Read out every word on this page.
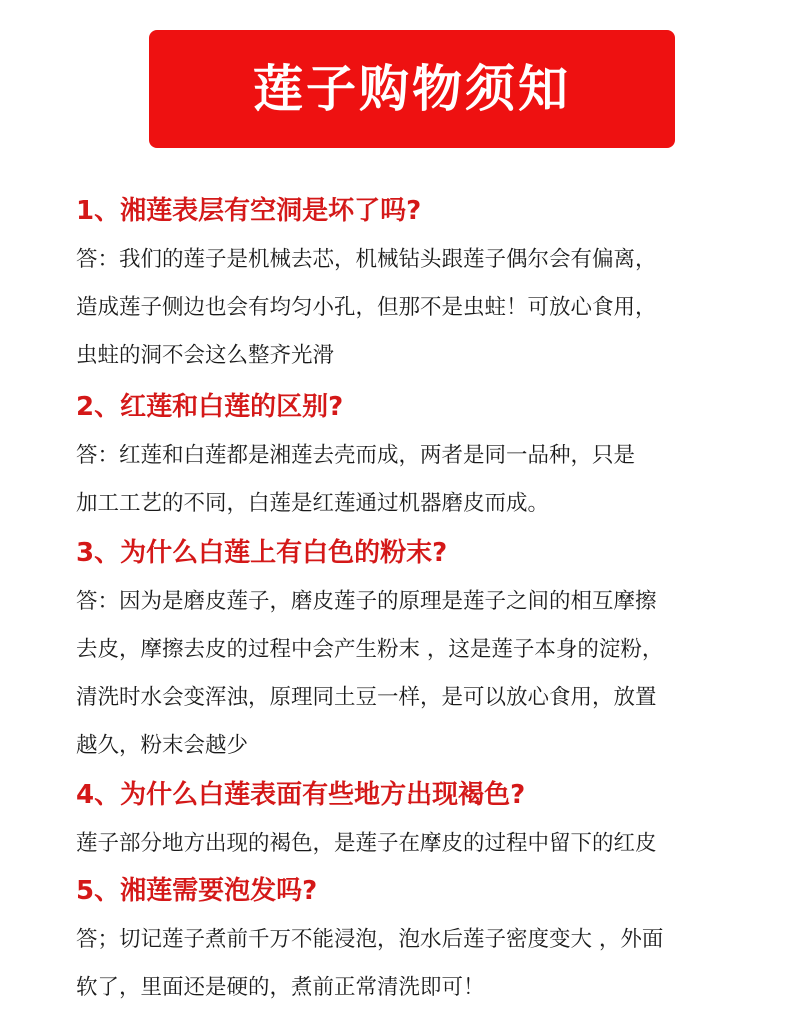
莲子购物须知
1、湘莲表层有空洞是坏了吗?
答：我们的莲子是机械去芯，机械钻头跟莲子偶尔会有偏离，
造成莲子侧边也会有均匀小孔，但那不是虫蛀！可放心食用，
虫蛀的洞不会这么整齐光滑
2、红莲和白莲的区别?
答：红莲和白莲都是湘莲去壳而成，两者是同一品种，只是
加工工艺的不同，白莲是红莲通过机器磨皮而成。
3、为什么白莲上有白色的粉末?
答：因为是磨皮莲子，磨皮莲子的原理是莲子之间的相互摩擦
去皮，摩擦去皮的过程中会产生粉末 ，这是莲子本身的淀粉，
清洗时水会变浑浊，原理同土豆一样，是可以放心食用，放置
越久，粉末会越少
4、为什么白莲表面有些地方出现褐色?
莲子部分地方出现的褐色，是莲子在摩皮的过程中留下的红皮
5、湘莲需要泡发吗?
答；切记莲子煮前千万不能浸泡，泡水后莲子密度变大 ，外面
软了，里面还是硬的，煮前正常清洗即可！
